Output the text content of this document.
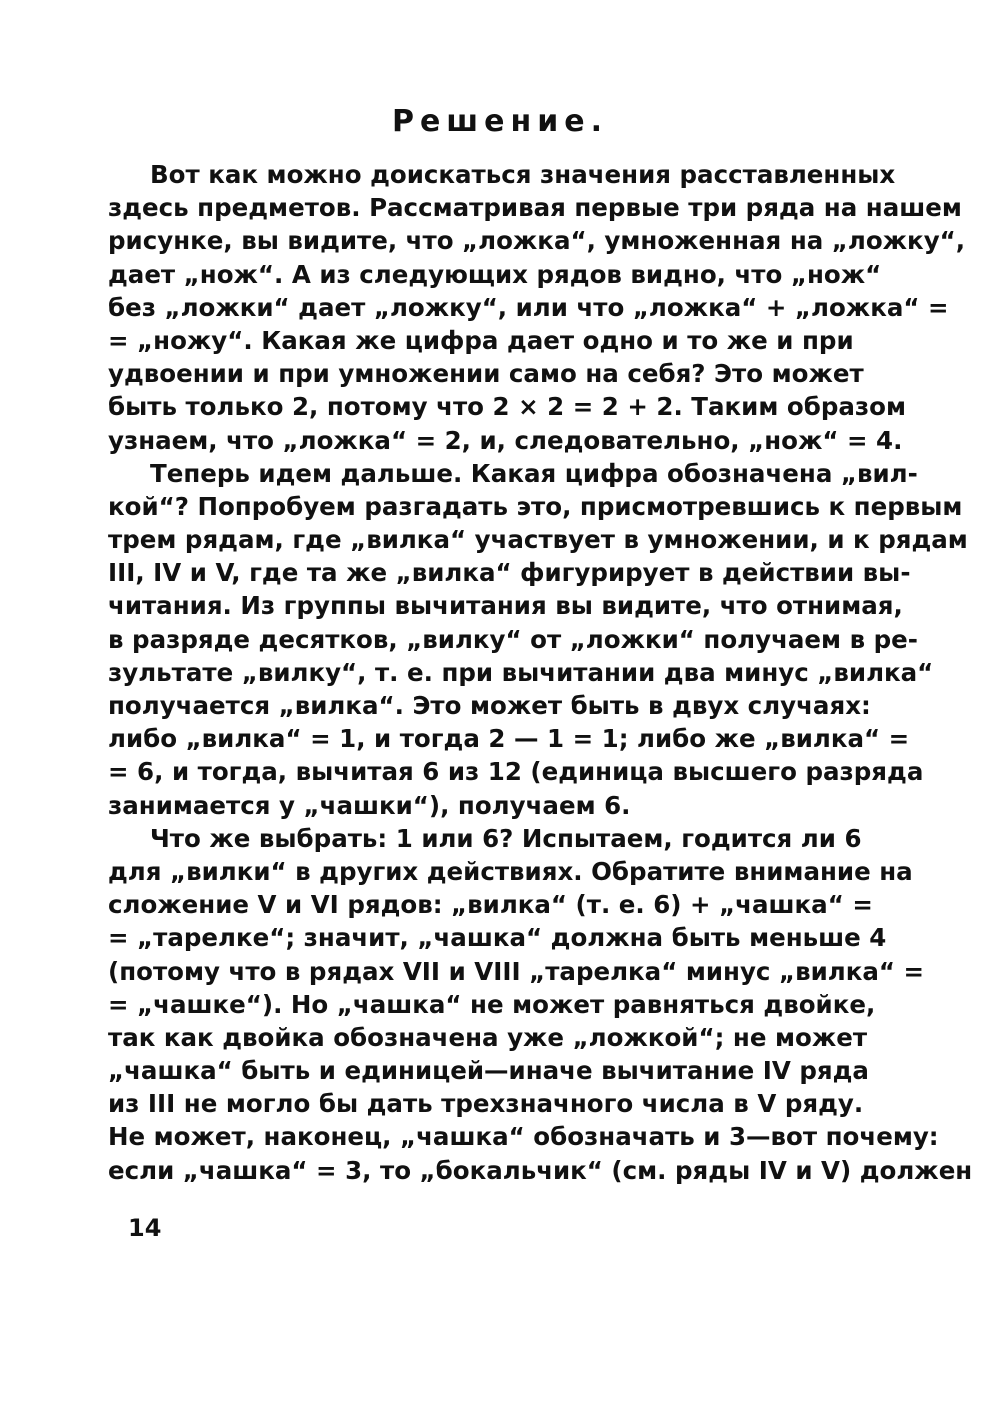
Решение.
Вот как можно доискаться значения расставленных
здесь предметов. Рассматривая первые три ряда на нашем
рисунке, вы видите, что „ложка“, умноженная на „ложку“,
дает „нож“. А из следующих рядов видно, что „нож“
без „ложки“ дает „ложку“, или что „ложка“ + „ложка“ =
= „ножу“. Какая же цифра дает одно и то же и при
удвоении и при умножении само на себя? Это может
быть только 2, потому что 2 × 2 = 2 + 2. Таким образом
узнаем, что „ложка“ = 2, и, следовательно, „нож“ = 4.
Теперь идем дальше. Какая цифра обозначена „вил-
кой“? Попробуем разгадать это, присмотревшись к первым
трем рядам, где „вилка“ участвует в умножении, и к рядам
III, IV и V, где та же „вилка“ фигурирует в действии вы-
читания. Из группы вычитания вы видите, что отнимая,
в разряде десятков, „вилку“ от „ложки“ получаем в ре-
зультате „вилку“, т. е. при вычитании два минус „вилка“
получается „вилка“. Это может быть в двух случаях:
либо „вилка“ = 1, и тогда 2 — 1 = 1; либо же „вилка“ =
= 6, и тогда, вычитая 6 из 12 (единица высшего разряда
занимается у „чашки“), получаем 6.
Что же выбрать: 1 или 6? Испытаем, годится ли 6
для „вилки“ в других действиях. Обратите внимание на
сложение V и VI рядов: „вилка“ (т. е. 6) + „чашка“ =
= „тарелке“; значит, „чашка“ должна быть меньше 4
(потому что в рядах VII и VIII „тарелка“ минус „вилка“ =
= „чашке“). Но „чашка“ не может равняться двойке,
так как двойка обозначена уже „ложкой“; не может
„чашка“ быть и единицей—иначе вычитание IV ряда
из III не могло бы дать трехзначного числа в V ряду.
Не может, наконец, „чашка“ обозначать и 3—вот почему:
если „чашка“ = 3, то „бокальчик“ (см. ряды IV и V) должен
14
